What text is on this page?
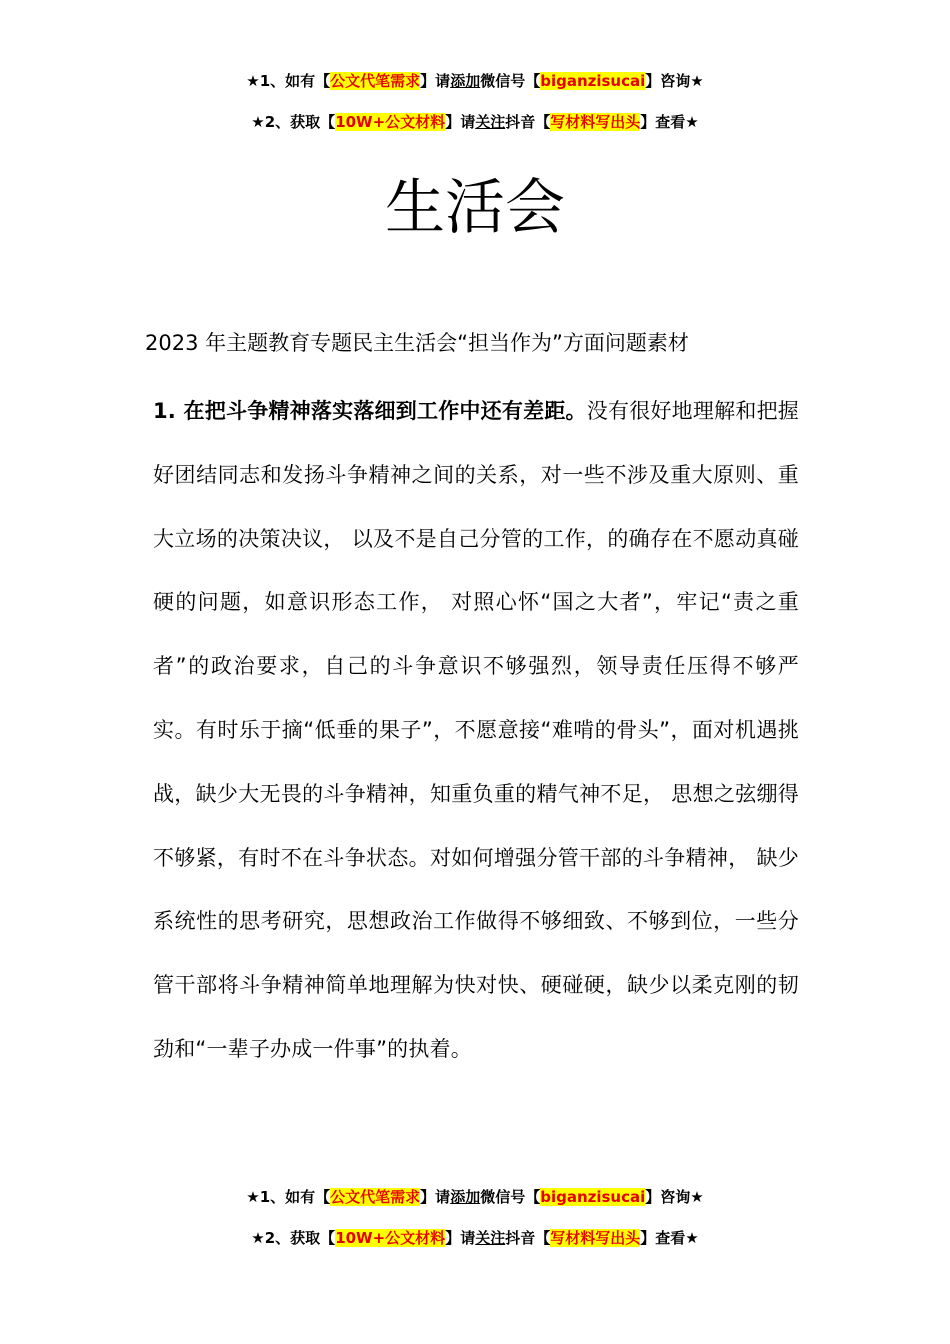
★1、如有【公文代笔需求】请添加微信号【biganzisucai】咨询★
★2、获取【10W+公文材料】请关注抖音【写材料写出头】查看★
生活会
2023 年主题教育专题民主生活会“担当作为”方面问题素材
1. 在把斗争精神落实落细到工作中还有差距。没有很好地理解和把握好团结同志和发扬斗争精神之间的关系，对一些不涉及重大原则、重大立场的决策决议， 以及不是自己分管的工作，的确存在不愿动真碰硬的问题，如意识形态工作， 对照心怀“国之大者”，牢记“责之重者”的政治要求，自己的斗争意识不够强烈，领导责任压得不够严实。有时乐于摘“低垂的果子”，不愿意接“难啃的骨头”，面对机遇挑战，缺少大无畏的斗争精神，知重负重的精气神不足， 思想之弦绷得不够紧，有时不在斗争状态。对如何增强分管干部的斗争精神， 缺少系统性的思考研究，思想政治工作做得不够细致、不够到位，一些分管干部将斗争精神简单地理解为快对快、硬碰硬，缺少以柔克刚的韧劲和“一辈子办成一件事”的执着。
★1、如有【公文代笔需求】请添加微信号【biganzisucai】咨询★
★2、获取【10W+公文材料】请关注抖音【写材料写出头】查看★
